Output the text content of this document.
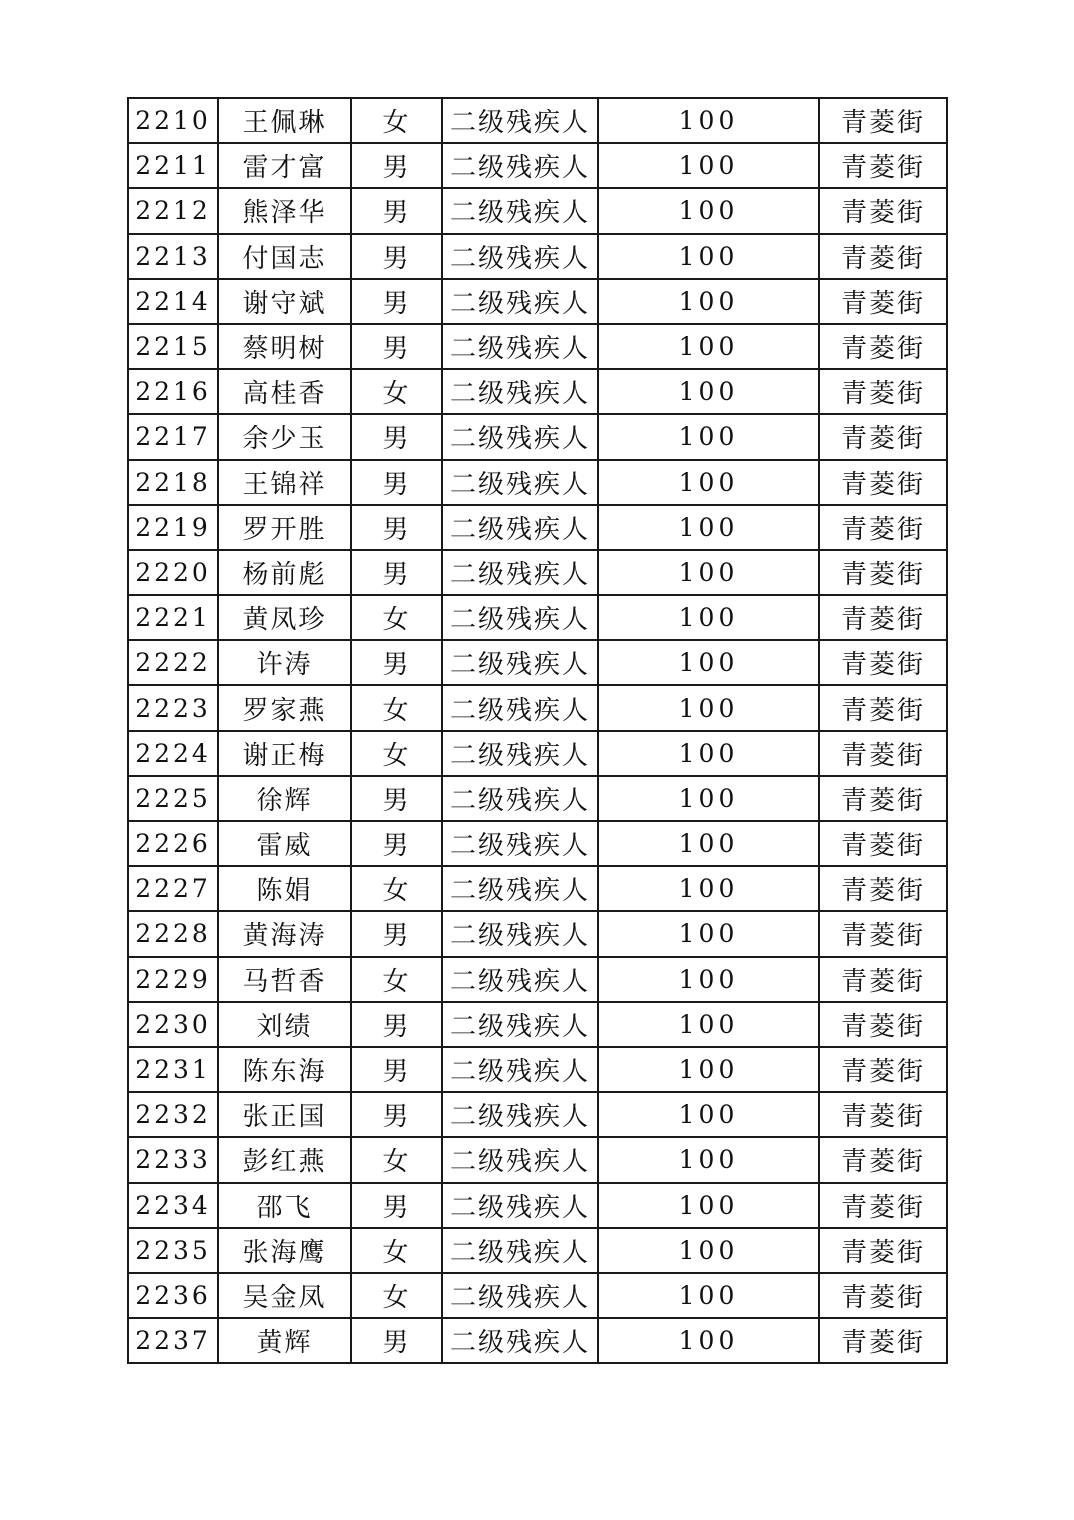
2210	王佩琳	女	二级残疾人	100	青菱街
2211	雷才富	男	二级残疾人	100	青菱街
2212	熊泽华	男	二级残疾人	100	青菱街
2213	付国志	男	二级残疾人	100	青菱街
2214	谢守斌	男	二级残疾人	100	青菱街
2215	蔡明树	男	二级残疾人	100	青菱街
2216	高桂香	女	二级残疾人	100	青菱街
2217	余少玉	男	二级残疾人	100	青菱街
2218	王锦祥	男	二级残疾人	100	青菱街
2219	罗开胜	男	二级残疾人	100	青菱街
2220	杨前彪	男	二级残疾人	100	青菱街
2221	黄凤珍	女	二级残疾人	100	青菱街
2222	许涛	男	二级残疾人	100	青菱街
2223	罗家燕	女	二级残疾人	100	青菱街
2224	谢正梅	女	二级残疾人	100	青菱街
2225	徐辉	男	二级残疾人	100	青菱街
2226	雷威	男	二级残疾人	100	青菱街
2227	陈娟	女	二级残疾人	100	青菱街
2228	黄海涛	男	二级残疾人	100	青菱街
2229	马哲香	女	二级残疾人	100	青菱街
2230	刘绩	男	二级残疾人	100	青菱街
2231	陈东海	男	二级残疾人	100	青菱街
2232	张正国	男	二级残疾人	100	青菱街
2233	彭红燕	女	二级残疾人	100	青菱街
2234	邵飞	男	二级残疾人	100	青菱街
2235	张海鹰	女	二级残疾人	100	青菱街
2236	吴金凤	女	二级残疾人	100	青菱街
2237	黄辉	男	二级残疾人	100	青菱街
